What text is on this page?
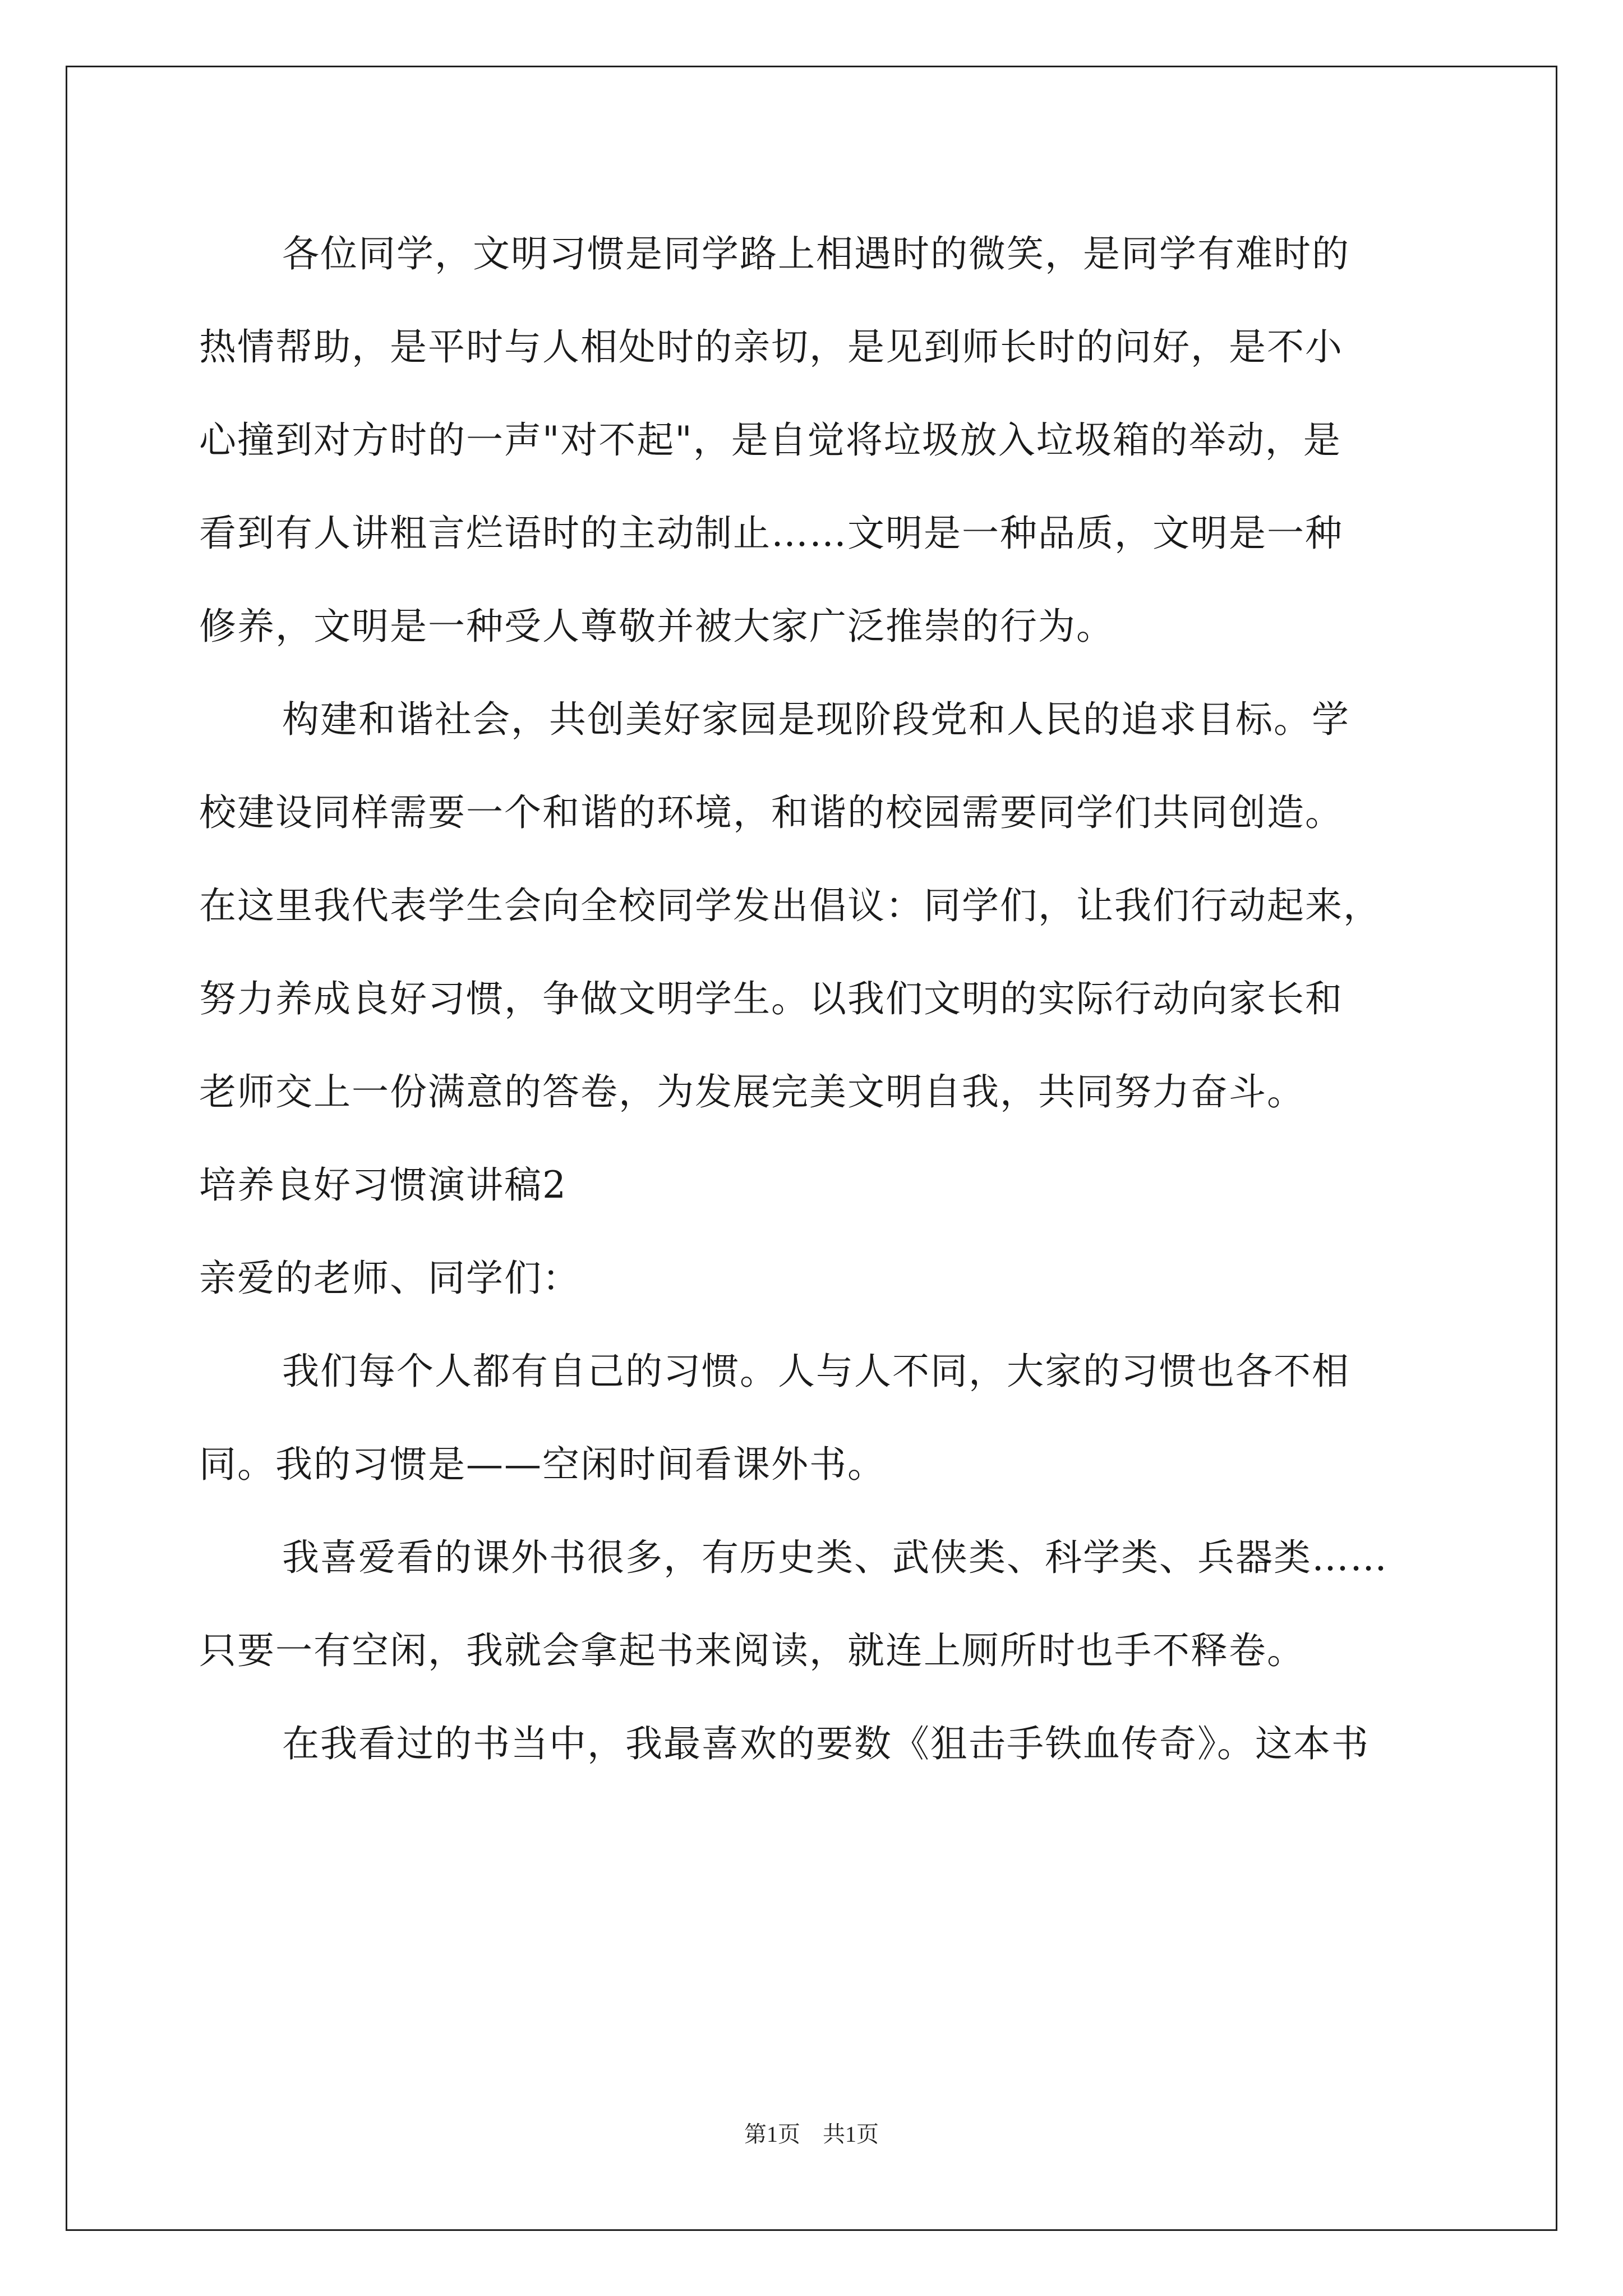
各位同学，文明习惯是同学路上相遇时的微笑，是同学有难时的
热情帮助，是平时与人相处时的亲切，是见到师长时的问好，是不小
心撞到对方时的一声"对不起"，是自觉将垃圾放入垃圾箱的举动，是
看到有人讲粗言烂语时的主动制止……文明是一种品质，文明是一种
修养，文明是一种受人尊敬并被大家广泛推崇的行为。
构建和谐社会，共创美好家园是现阶段党和人民的追求目标。学
校建设同样需要一个和谐的环境，和谐的校园需要同学们共同创造。
在这里我代表学生会向全校同学发出倡议：同学们，让我们行动起来，
努力养成良好习惯，争做文明学生。以我们文明的实际行动向家长和
老师交上一份满意的答卷，为发展完美文明自我，共同努力奋斗。
培养良好习惯演讲稿2
亲爱的老师、同学们：
我们每个人都有自己的习惯。人与人不同，大家的习惯也各不相
同。我的习惯是——空闲时间看课外书。
我喜爱看的课外书很多，有历史类、武侠类、科学类、兵器类……
只要一有空闲，我就会拿起书来阅读，就连上厕所时也手不释卷。
在我看过的书当中，我最喜欢的要数《狙击手铁血传奇》。这本书
第1页　共1页
